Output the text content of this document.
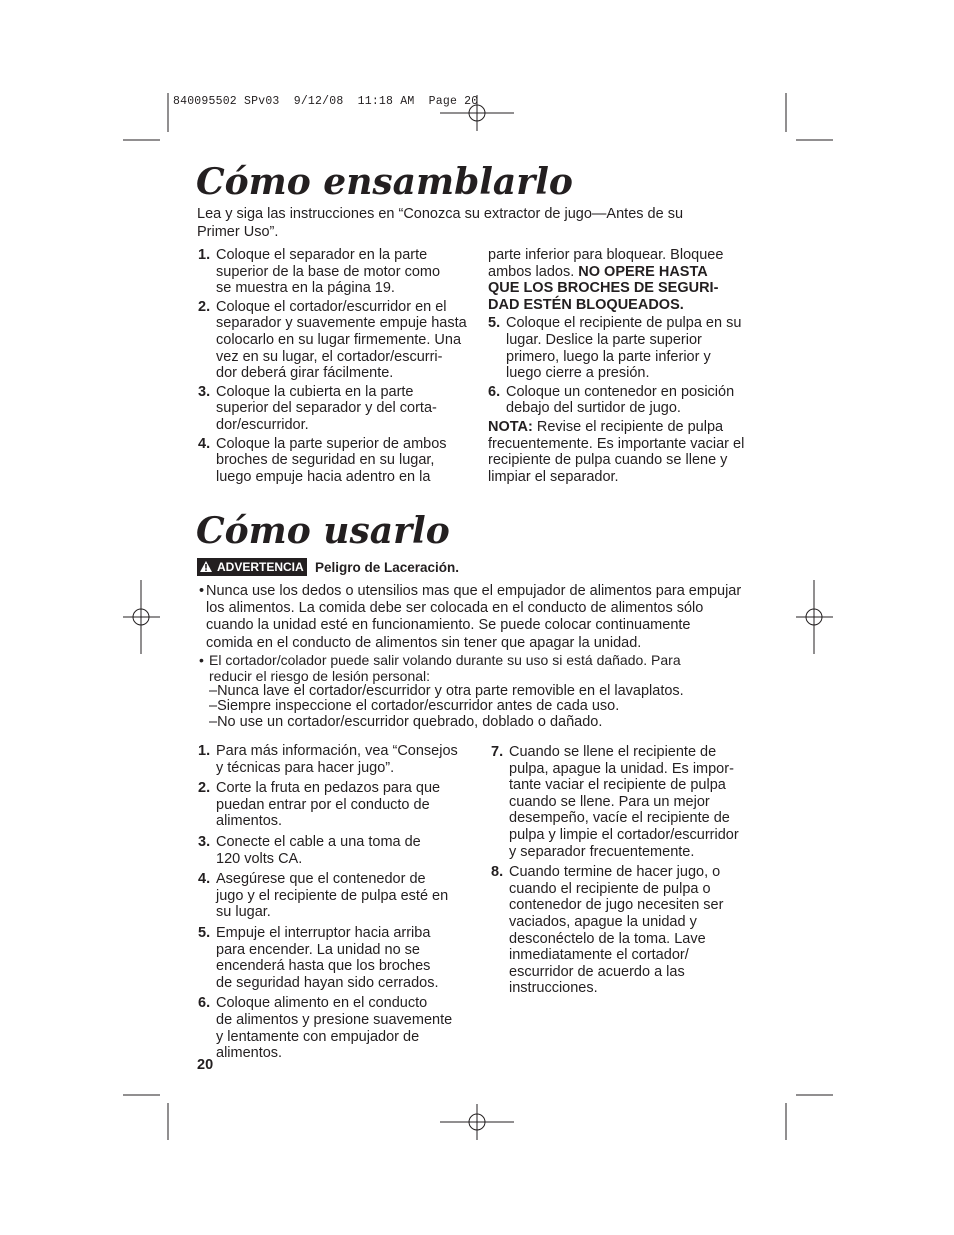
840095502 SPv03  9/12/08  11:18 AM  Page 20
Cómo ensamblarlo

Lea y siga las instrucciones en “Conozca su extractor de jugo—Antes de su Primer Uso”.

1. Coloque el separador en la parte
superior de la base de motor como
se muestra en la página 19.
2. Coloque el cortador/escurridor en el
separador y suavemente empuje hasta
colocarlo en su lugar firmemente. Una
vez en su lugar, el cortador/escurri-
dor deberá girar fácilmente.
3. Coloque la cubierta en la parte
superior del separador y del corta-
dor/escurridor.
4. Coloque la parte superior de ambos
broches de seguridad en su lugar,
luego empuje hacia adentro en la
parte inferior para bloquear. Bloquee
ambos lados. NO OPERE HASTA
QUE LOS BROCHES DE SEGURI-
DAD ESTÉN BLOQUEADOS.
5. Coloque el recipiente de pulpa en su
lugar. Deslice la parte superior
primero, luego la parte inferior y
luego cierre a presión.
6. Coloque un contenedor en posición
debajo del surtidor de jugo.
NOTA: Revise el recipiente de pulpa
frecuentemente. Es importante vaciar el
recipiente de pulpa cuando se llene y
limpiar el separador.
Cómo usarlo
ADVERTENCIA Peligro de Laceración.
• Nunca use los dedos o utensilios mas que el empujador de alimentos para empujar
los alimentos. La comida debe ser colocada en el conducto de alimentos sólo
cuando la unidad esté en funcionamiento. Se puede colocar continuamente
comida en el conducto de alimentos sin tener que apagar la unidad.
• El cortador/colador puede salir volando durante su uso si está dañado. Para
reducir el riesgo de lesión personal:
–Nunca lave el cortador/escurridor y otra parte removible en el lavaplatos.
–Siempre inspeccione el cortador/escurridor antes de cada uso.
–No use un cortador/escurridor quebrado, doblado o dañado.
1. Para más información, vea “Consejos
y técnicas para hacer jugo”.
2. Corte la fruta en pedazos para que
puedan entrar por el conducto de
alimentos.
3. Conecte el cable a una toma de
120 volts CA.
4. Asegúrese que el contenedor de
jugo y el recipiente de pulpa esté en
su lugar.
5. Empuje el interruptor hacia arriba
para encender. La unidad no se
encenderá hasta que los broches
de seguridad hayan sido cerrados.
6. Coloque alimento en el conducto
de alimentos y presione suavemente
y lentamente con empujador de
alimentos.
7. Cuando se llene el recipiente de
pulpa, apague la unidad. Es impor-
tante vaciar el recipiente de pulpa
cuando se llene. Para un mejor
desempeño, vacíe el recipiente de
pulpa y limpie el cortador/escurridor
y separador frecuentemente.
8. Cuando termine de hacer jugo, o
cuando el recipiente de pulpa o
contenedor de jugo necesiten ser
vaciados, apague la unidad y
desconéctelo de la toma. Lave
inmediatamente el cortador/
escurridor de acuerdo a las
instrucciones.
20
